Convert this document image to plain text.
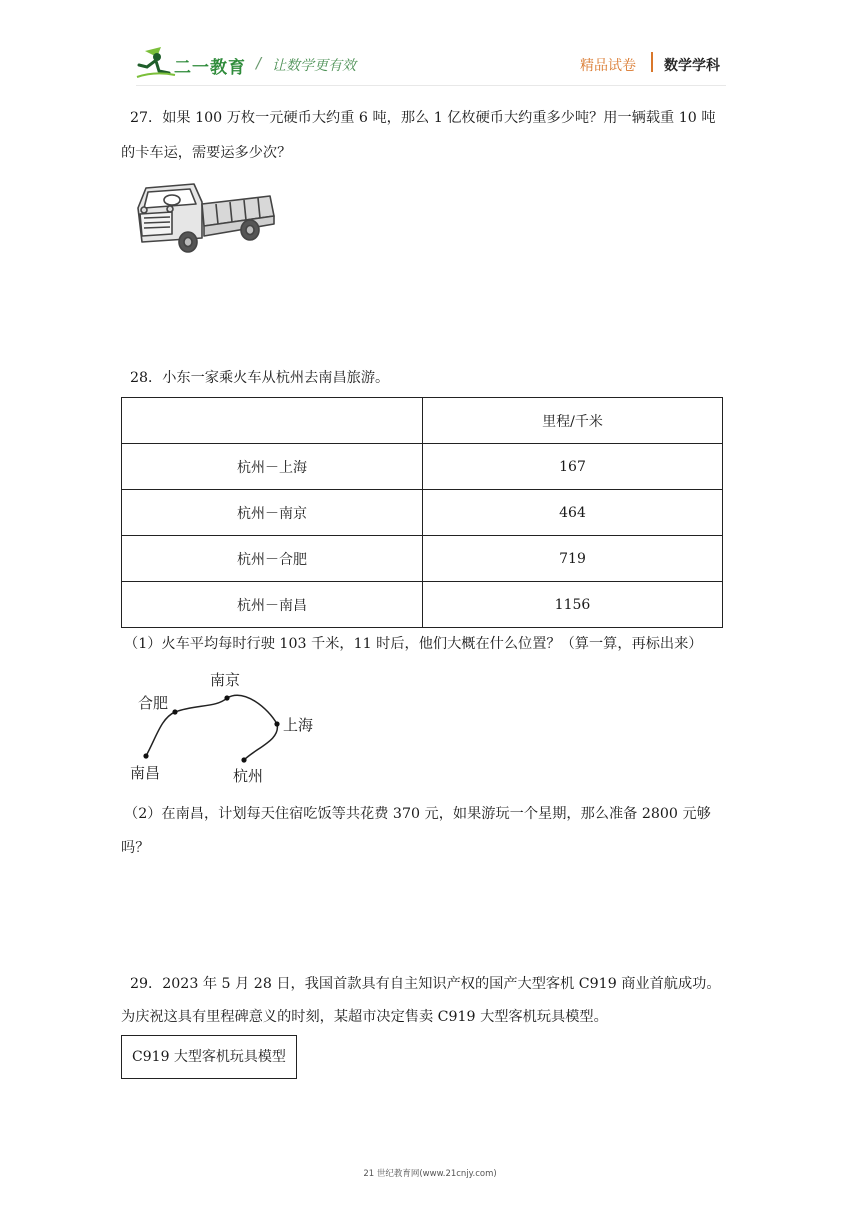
二一教育 / 让数学更有效	精品试卷 数学学科
27．如果 100 万枚一元硬币大约重 6 吨，那么 1 亿枚硬币大约重多少吨？用一辆载重 10 吨
的卡车运，需要运多少次？
28．小东一家乘火车从杭州去南昌旅游。
	里程/千米
杭州－上海	167
杭州－南京	464
杭州－合肥	719
杭州－南昌	1156
（1）火车平均每时行驶 103 千米，11 时后，他们大概在什么位置？（算一算，再标出来）
南京
合肥
上海
南昌	杭州
（2）在南昌，计划每天住宿吃饭等共花费 370 元，如果游玩一个星期，那么准备 2800 元够
吗？
29．2023 年 5 月 28 日，我国首款具有自主知识产权的国产大型客机 C919 商业首航成功。
为庆祝这具有里程碑意义的时刻，某超市决定售卖 C919 大型客机玩具模型。
C919 大型客机玩具模型
21 世纪教育网(www.21cnjy.com)
